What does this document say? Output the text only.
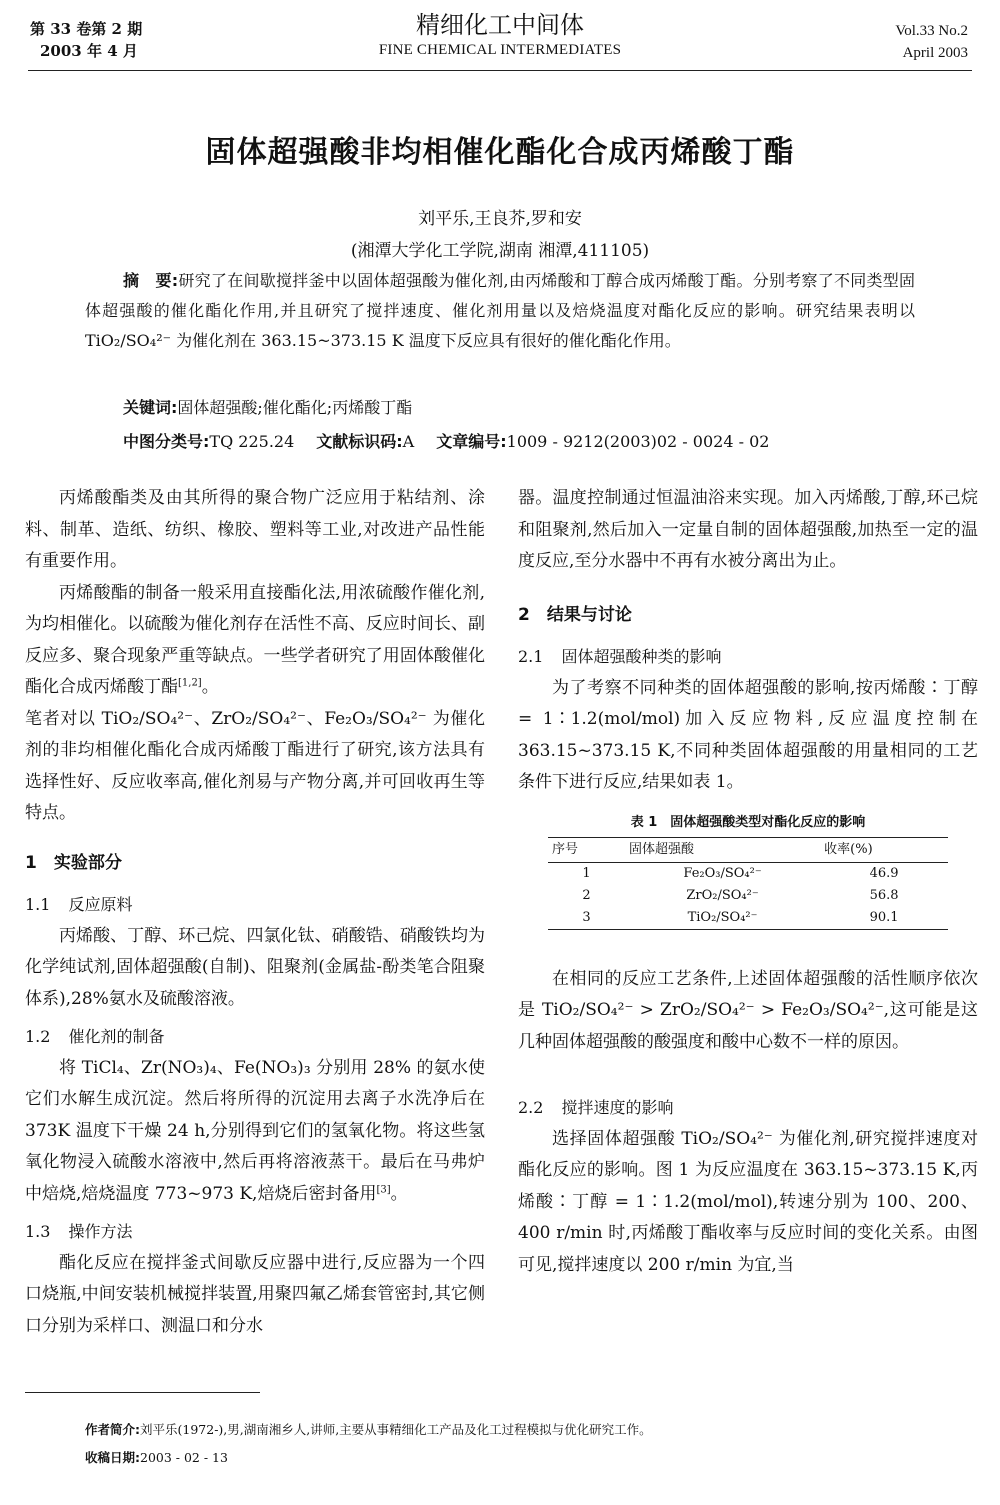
第 33 卷第 2 期
2003 年 4 月
精细化工中间体
FINE CHEMICAL INTERMEDIATES
Vol.33 No.2
April 2003
固体超强酸非均相催化酯化合成丙烯酸丁酯
刘平乐,王良芥,罗和安
(湘潭大学化工学院,湖南 湘潭,411105)
摘　要:研究了在间歇搅拌釜中以固体超强酸为催化剂,由丙烯酸和丁醇合成丙烯酸丁酯。分别考察了不同类型固体超强酸的催化酯化作用,并且研究了搅拌速度、催化剂用量以及焙烧温度对酯化反应的影响。研究结果表明以 TiO₂/SO₄²⁻ 为催化剂在 363.15~373.15 K 温度下反应具有很好的催化酯化作用。
关键词:固体超强酸;催化酯化;丙烯酸丁酯
中图分类号:TQ 225.24 文献标识码:A 文章编号:1009 - 9212(2003)02 - 0024 - 02

丙烯酸酯类及由其所得的聚合物广泛应用于粘结剂、涂料、制革、造纸、纺织、橡胶、塑料等工业,对改进产品性能有重要作用。

丙烯酸酯的制备一般采用直接酯化法,用浓硫酸作催化剂,为均相催化。以硫酸为催化剂存在活性不高、反应时间长、副反应多、聚合现象严重等缺点。一些学者研究了用固体酸催化酯化合成丙烯酸丁酯[1,2]。

笔者对以 TiO₂/SO₄²⁻、ZrO₂/SO₄²⁻、Fe₂O₃/SO₄²⁻ 为催化剂的非均相催化酯化合成丙烯酸丁酯进行了研究,该方法具有选择性好、反应收率高,催化剂易与产物分离,并可回收再生等特点。

1　实验部分
1.1 反应原料

丙烯酸、丁醇、环己烷、四氯化钛、硝酸锆、硝酸铁均为化学纯试剂,固体超强酸(自制)、阻聚剂(金属盐-酚类笔合阻聚体系),28%氨水及硫酸溶液。

1.2 催化剂的制备

将 TiCl₄、Zr(NO₃)₄、Fe(NO₃)₃ 分别用 28% 的氨水使它们水解生成沉淀。然后将所得的沉淀用去离子水洗净后在 373K 温度下干燥 24 h,分别得到它们的氢氧化物。将这些氢氧化物浸入硫酸水溶液中,然后再将溶液蒸干。最后在马弗炉中焙烧,焙烧温度 773~973 K,焙烧后密封备用[3]。

1.3 操作方法

酯化反应在搅拌釜式间歇反应器中进行,反应器为一个四口烧瓶,中间安装机械搅拌装置,用聚四氟乙烯套管密封,其它侧口分别为采样口、测温口和分水

器。温度控制通过恒温油浴来实现。加入丙烯酸,丁醇,环己烷和阻聚剂,然后加入一定量自制的固体超强酸,加热至一定的温度反应,至分水器中不再有水被分离出为止。

2　结果与讨论
2.1 固体超强酸种类的影响

为了考察不同种类的固体超强酸的影响,按丙烯酸∶丁醇 = 1∶1.2(mol/mol)加入反应物料,反应温度控制在 363.15~373.15 K,不同种类固体超强酸的用量相同的工艺条件下进行反应,结果如表 1。

表 1　固体超强酸类型对酯化反应的影响
序号	固体超强酸	收率(%)
1	Fe₂O₃/SO₄²⁻	46.9
2	ZrO₂/SO₄²⁻	56.8
3	TiO₂/SO₄²⁻	90.1

在相同的反应工艺条件,上述固体超强酸的活性顺序依次是 TiO₂/SO₄²⁻ > ZrO₂/SO₄²⁻ > Fe₂O₃/SO₄²⁻,这可能是这几种固体超强酸的酸强度和酸中心数不一样的原因。

2.2 搅拌速度的影响

选择固体超强酸 TiO₂/SO₄²⁻ 为催化剂,研究搅拌速度对酯化反应的影响。图 1 为反应温度在 363.15~373.15 K,丙烯酸∶丁醇 = 1∶1.2(mol/mol),转速分别为 100、200、400 r/min 时,丙烯酸丁酯收率与反应时间的变化关系。由图可见,搅拌速度以 200 r/min 为宜,当

作者简介:刘平乐(1972-),男,湖南湘乡人,讲师,主要从事精细化工产品及化工过程模拟与优化研究工作。
收稿日期:2003 - 02 - 13
